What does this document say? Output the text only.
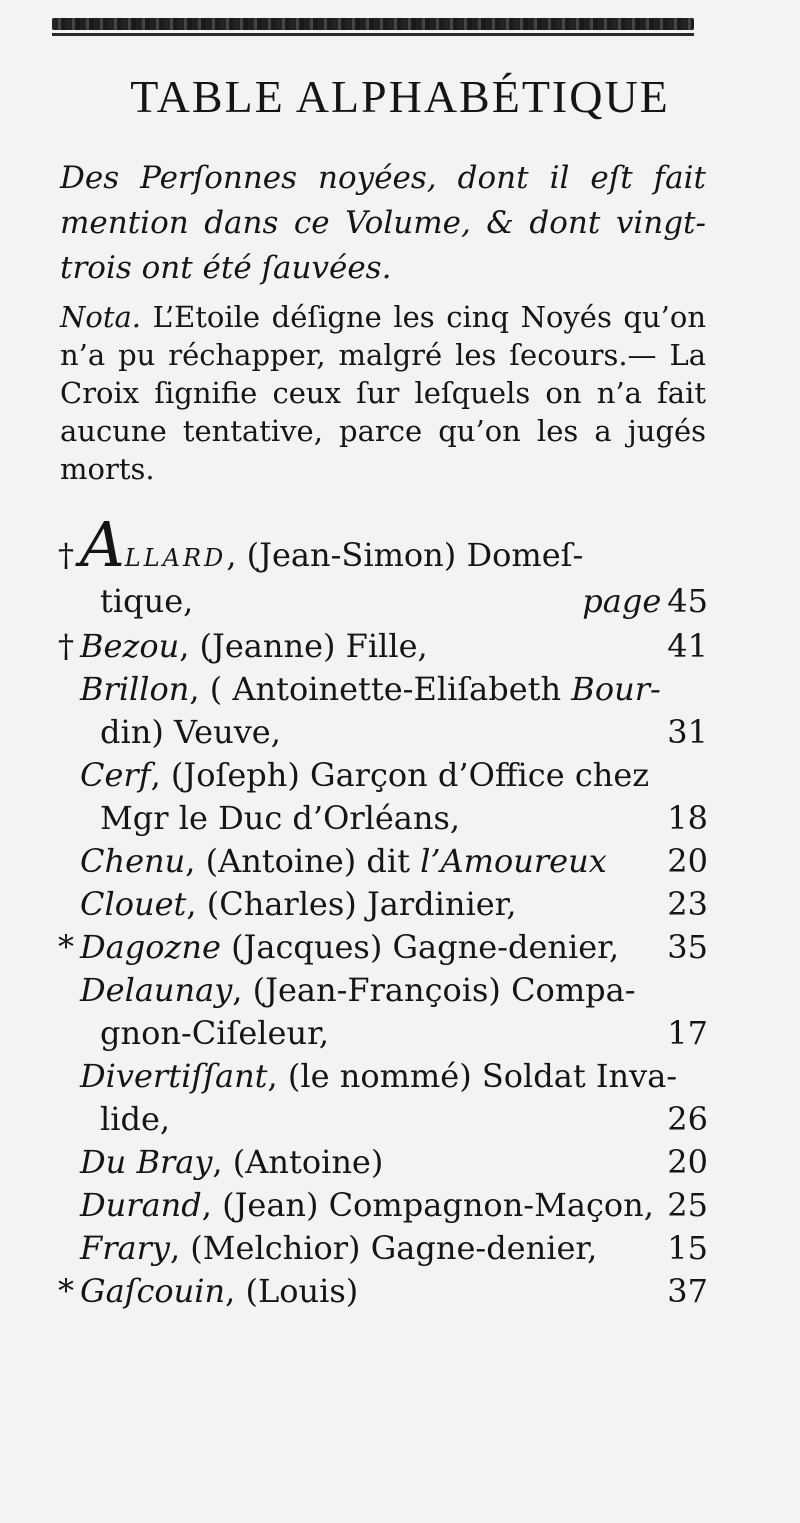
TABLE ALPHABÉTIQUE
Des Perſonnes noyées, dont il eſt fait mention dans ce Volume, & dont vingt-trois ont été ſauvées.
Nota. L’Etoile déſigne les cinq Noyés qu’on n’a pu réchapper, malgré les ſecours.— La Croix ſignifie ceux ſur leſquels on n’a fait aucune tentative, parce qu’on les a jugés morts.
†ALLARD, (Jean-Simon) Domeſ-
tique,	page 45
† Bezou, (Jeanne) Fille,	41
Brillon, ( Antoinette-Eliſabeth Bour-
din) Veuve,	31
Cerf, (Joſeph) Garçon d’Office chez
Mgr le Duc d’Orléans,	18
Chenu, (Antoine) dit l’Amoureux	20
Clouet, (Charles) Jardinier,	23
* Dagozne (Jacques) Gagne-denier,	35
Delaunay, (Jean-François) Compa-
gnon-Ciſeleur,	17
Divertiſſant, (le nommé) Soldat Inva-
lide,	26
Du Bray, (Antoine)	20
Durand, (Jean) Compagnon-Maçon, 25
Frary, (Melchior) Gagne-denier,	15
* Gaſcouin, (Louis)	37
